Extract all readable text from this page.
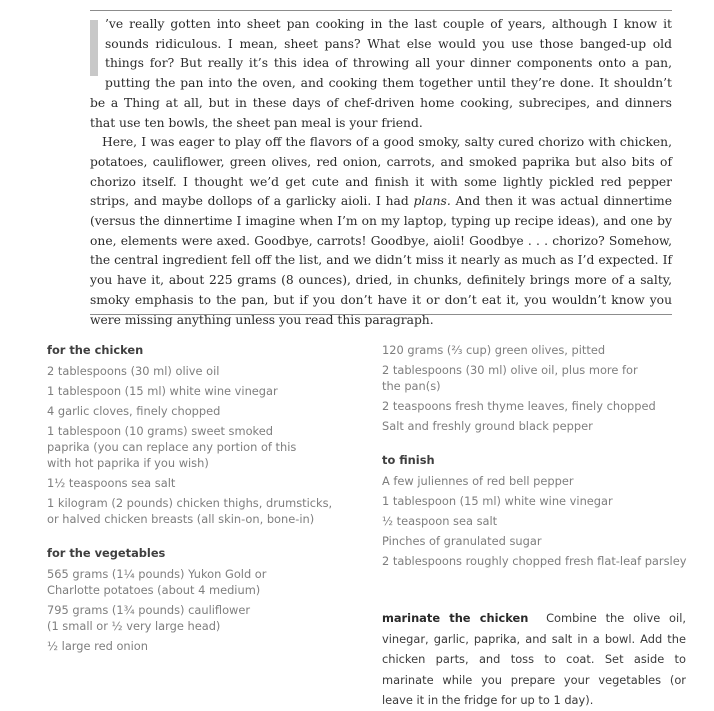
’ve really gotten into sheet pan cooking in the last couple of years, although I know it sounds ridiculous. I mean, sheet pans? What else would you use those banged-up old things for? But really it’s this idea of throwing all your dinner components onto a pan, putting the pan into the oven, and cooking them together until they’re done. It shouldn’t be a Thing at all, but in these days of chef-driven home cooking, subrecipes, and dinners that use ten bowls, the sheet pan meal is your friend.

Here, I was eager to play off the flavors of a good smoky, salty cured chorizo with chicken, potatoes, cauliflower, green olives, red onion, carrots, and smoked paprika but also bits of chorizo itself. I thought we’d get cute and finish it with some lightly pickled red pepper strips, and maybe dollops of a garlicky aioli. I had plans. And then it was actual dinnertime (versus the dinnertime I imagine when I’m on my laptop, typing up recipe ideas), and one by one, elements were axed. Goodbye, carrots! Goodbye, aioli! Goodbye . . . chorizo? Somehow, the central ingredient fell off the list, and we didn’t miss it nearly as much as I’d expected. If you have it, about 225 grams (8 ounces), dried, in chunks, definitely brings more of a salty, smoky emphasis to the pan, but if you don’t have it or don’t eat it, you wouldn’t know you were missing anything unless you read this paragraph.

for the chicken
2 tablespoons (30 ml) olive oil
1 tablespoon (15 ml) white wine vinegar
4 garlic cloves, finely chopped
1 tablespoon (10 grams) sweet smoked paprika (you can replace any portion of this with hot paprika if you wish)
1½ teaspoons sea salt
1 kilogram (2 pounds) chicken thighs, drumsticks, or halved chicken breasts (all skin-on, bone-in)
for the vegetables
565 grams (1¼ pounds) Yukon Gold or Charlotte potatoes (about 4 medium)
795 grams (1¾ pounds) cauliflower (1 small or ½ very large head)
½ large red onion
120 grams (⅔ cup) green olives, pitted
2 tablespoons (30 ml) olive oil, plus more for the pan(s)
2 teaspoons fresh thyme leaves, finely chopped
Salt and freshly ground black pepper
to finish
A few juliennes of red bell pepper
1 tablespoon (15 ml) white wine vinegar
½ teaspoon sea salt
Pinches of granulated sugar
2 tablespoons roughly chopped fresh flat-leaf parsley
marinate the chicken Combine the olive oil, vinegar, garlic, paprika, and salt in a bowl. Add the chicken parts, and toss to coat. Set aside to marinate while you prepare your vegetables (or leave it in the fridge for up to 1 day).
